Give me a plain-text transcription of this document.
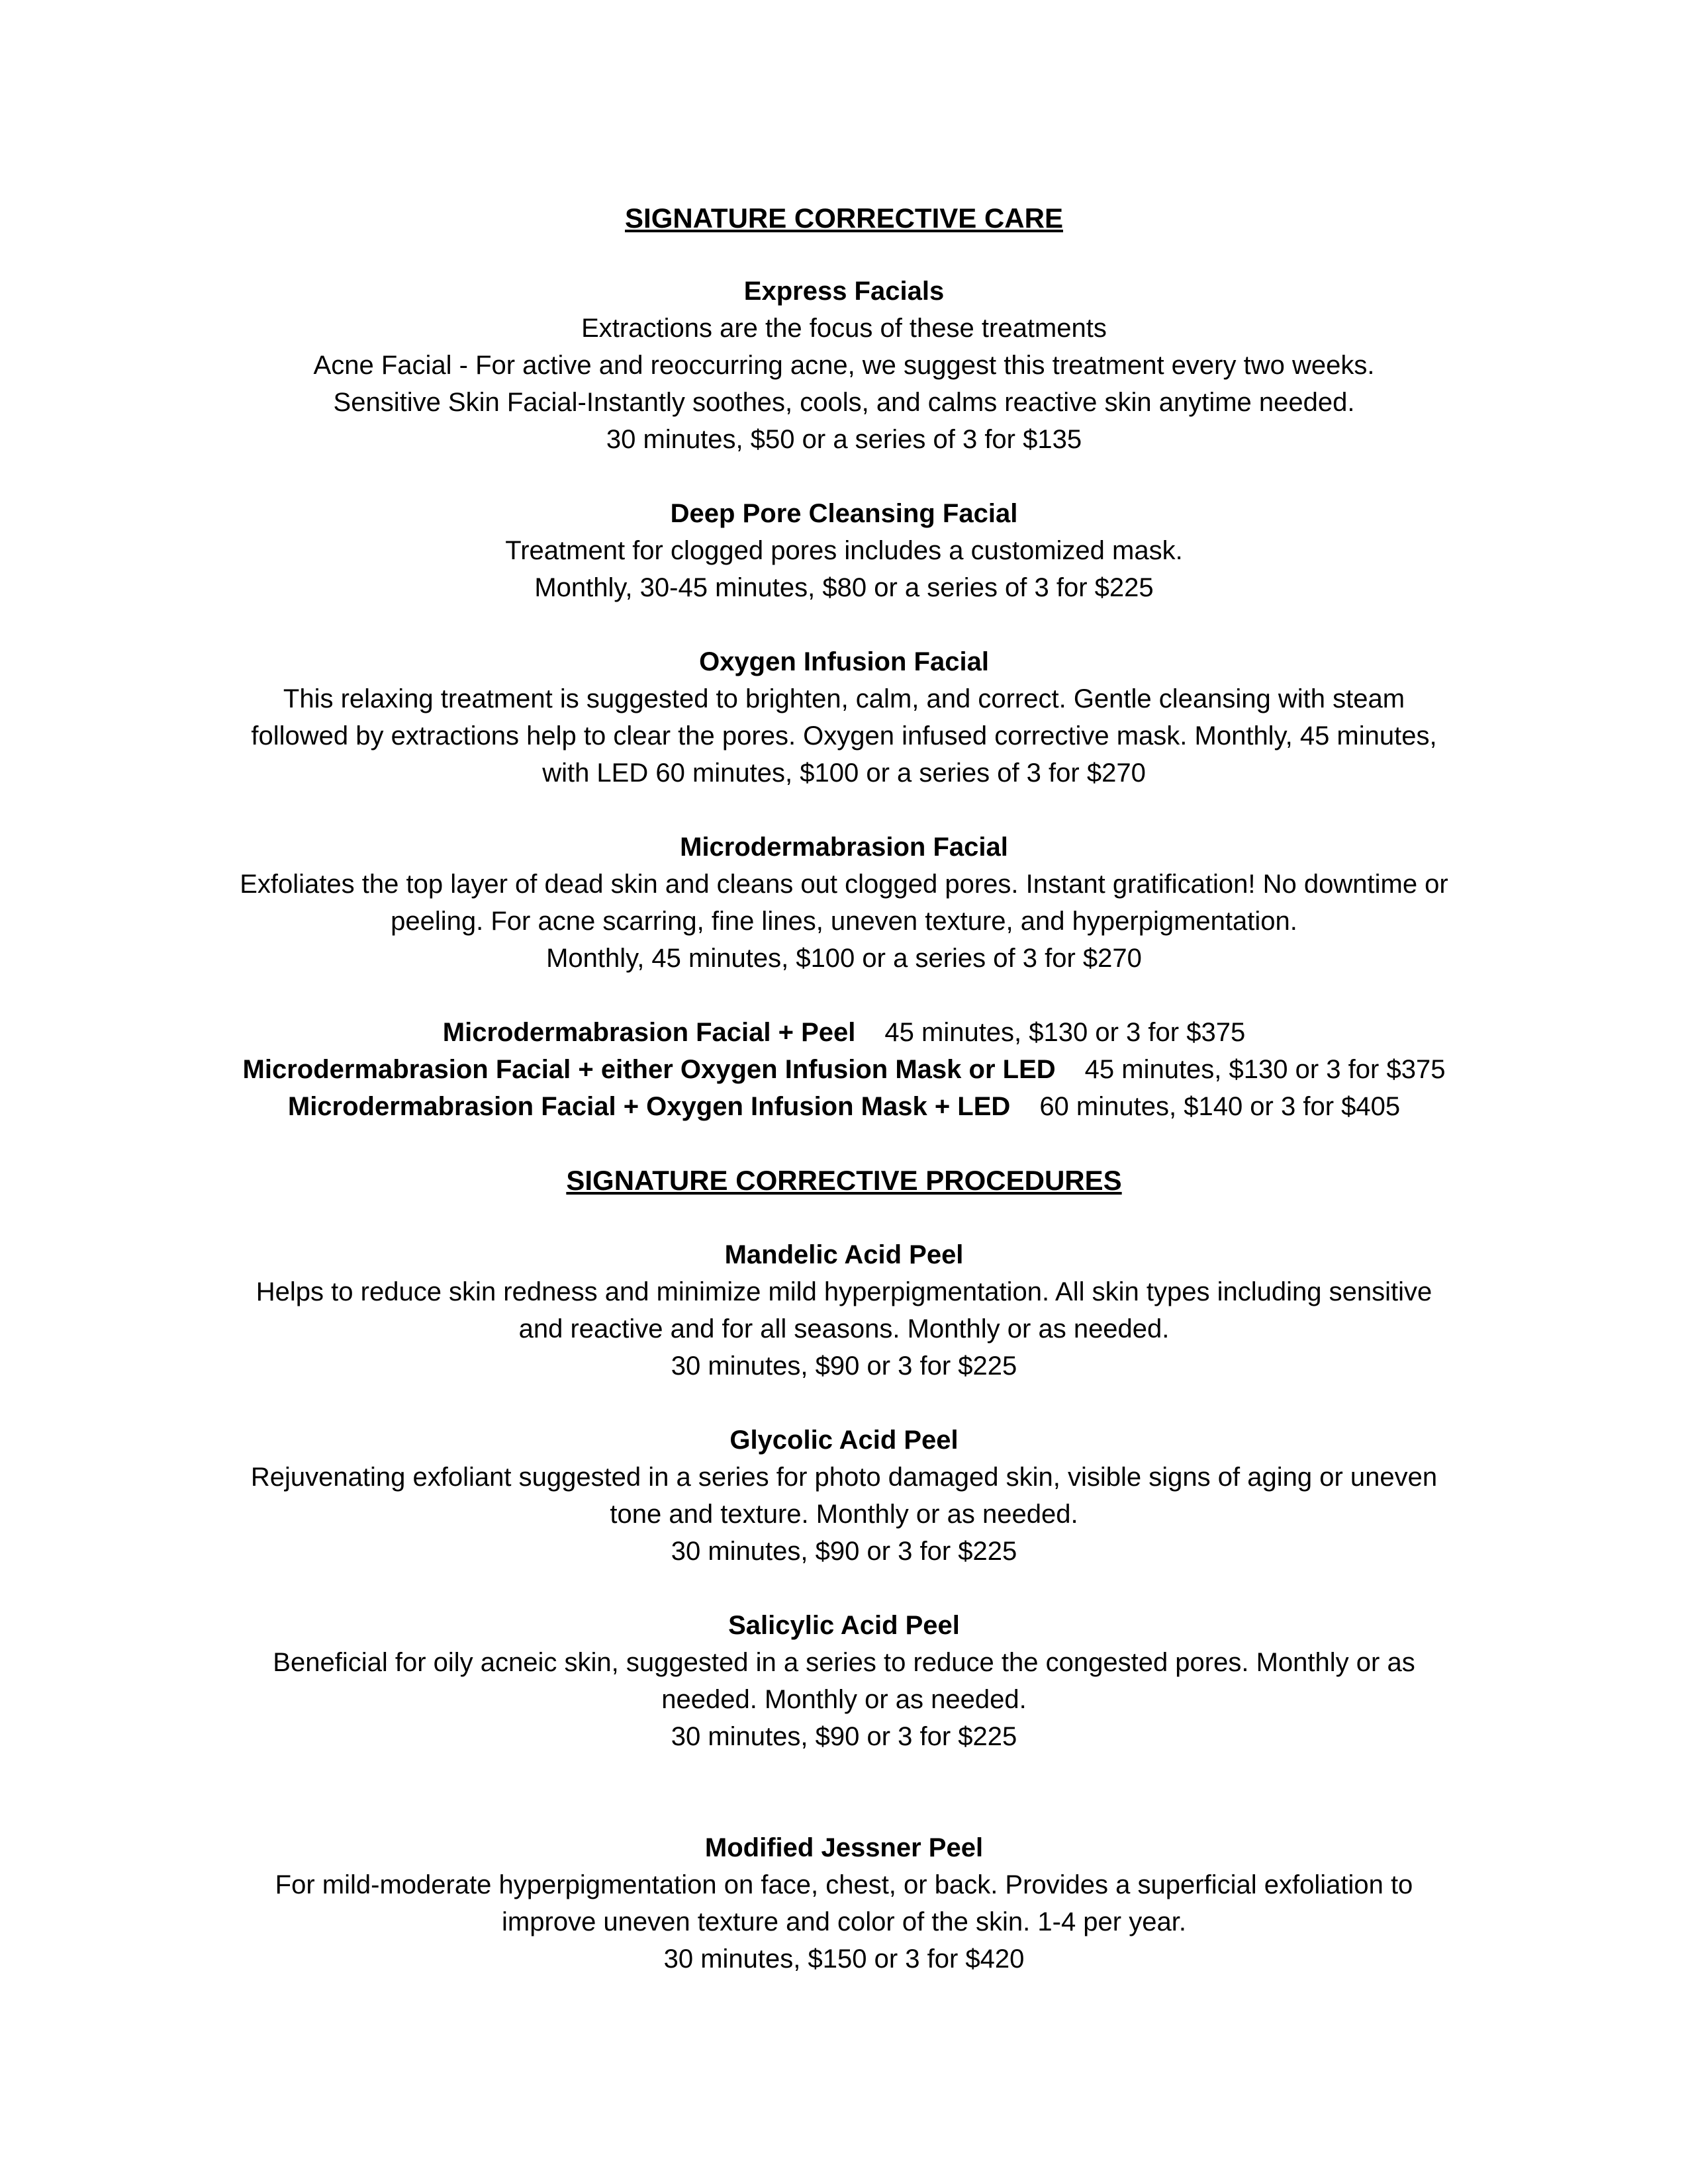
SIGNATURE CORRECTIVE CARE
Express Facials
Extractions are the focus of these treatments
Acne Facial - For active and reoccurring acne, we suggest this treatment every two weeks.
Sensitive Skin Facial-Instantly soothes, cools, and calms reactive skin anytime needed.
30 minutes, $50 or a series of 3 for $135
Deep Pore Cleansing Facial
Treatment for clogged pores includes a customized mask.
Monthly, 30-45 minutes, $80 or a series of 3 for $225
Oxygen Infusion Facial
This relaxing treatment is suggested to brighten, calm, and correct. Gentle cleansing with steam
followed by extractions help to clear the pores. Oxygen infused corrective mask. Monthly, 45 minutes,
with LED 60 minutes, $100 or a series of 3 for $270
Microdermabrasion Facial
Exfoliates the top layer of dead skin and cleans out clogged pores. Instant gratification! No downtime or
peeling. For acne scarring, fine lines, uneven texture, and hyperpigmentation.
Monthly, 45 minutes, $100 or a series of 3 for $270
Microdermabrasion Facial + Peel 45 minutes, $130 or 3 for $375
Microdermabrasion Facial + either Oxygen Infusion Mask or LED 45 minutes, $130 or 3 for $375
Microdermabrasion Facial + Oxygen Infusion Mask + LED 60 minutes, $140 or 3 for $405
SIGNATURE CORRECTIVE PROCEDURES
Mandelic Acid Peel
Helps to reduce skin redness and minimize mild hyperpigmentation. All skin types including sensitive
and reactive and for all seasons. Monthly or as needed.
30 minutes, $90 or 3 for $225
Glycolic Acid Peel
Rejuvenating exfoliant suggested in a series for photo damaged skin, visible signs of aging or uneven
tone and texture. Monthly or as needed.
30 minutes, $90 or 3 for $225
Salicylic Acid Peel
Beneficial for oily acneic skin, suggested in a series to reduce the congested pores. Monthly or as
needed. Monthly or as needed.
30 minutes, $90 or 3 for $225
Modified Jessner Peel
For mild-moderate hyperpigmentation on face, chest, or back. Provides a superficial exfoliation to
improve uneven texture and color of the skin. 1-4 per year.
30 minutes, $150 or 3 for $420
